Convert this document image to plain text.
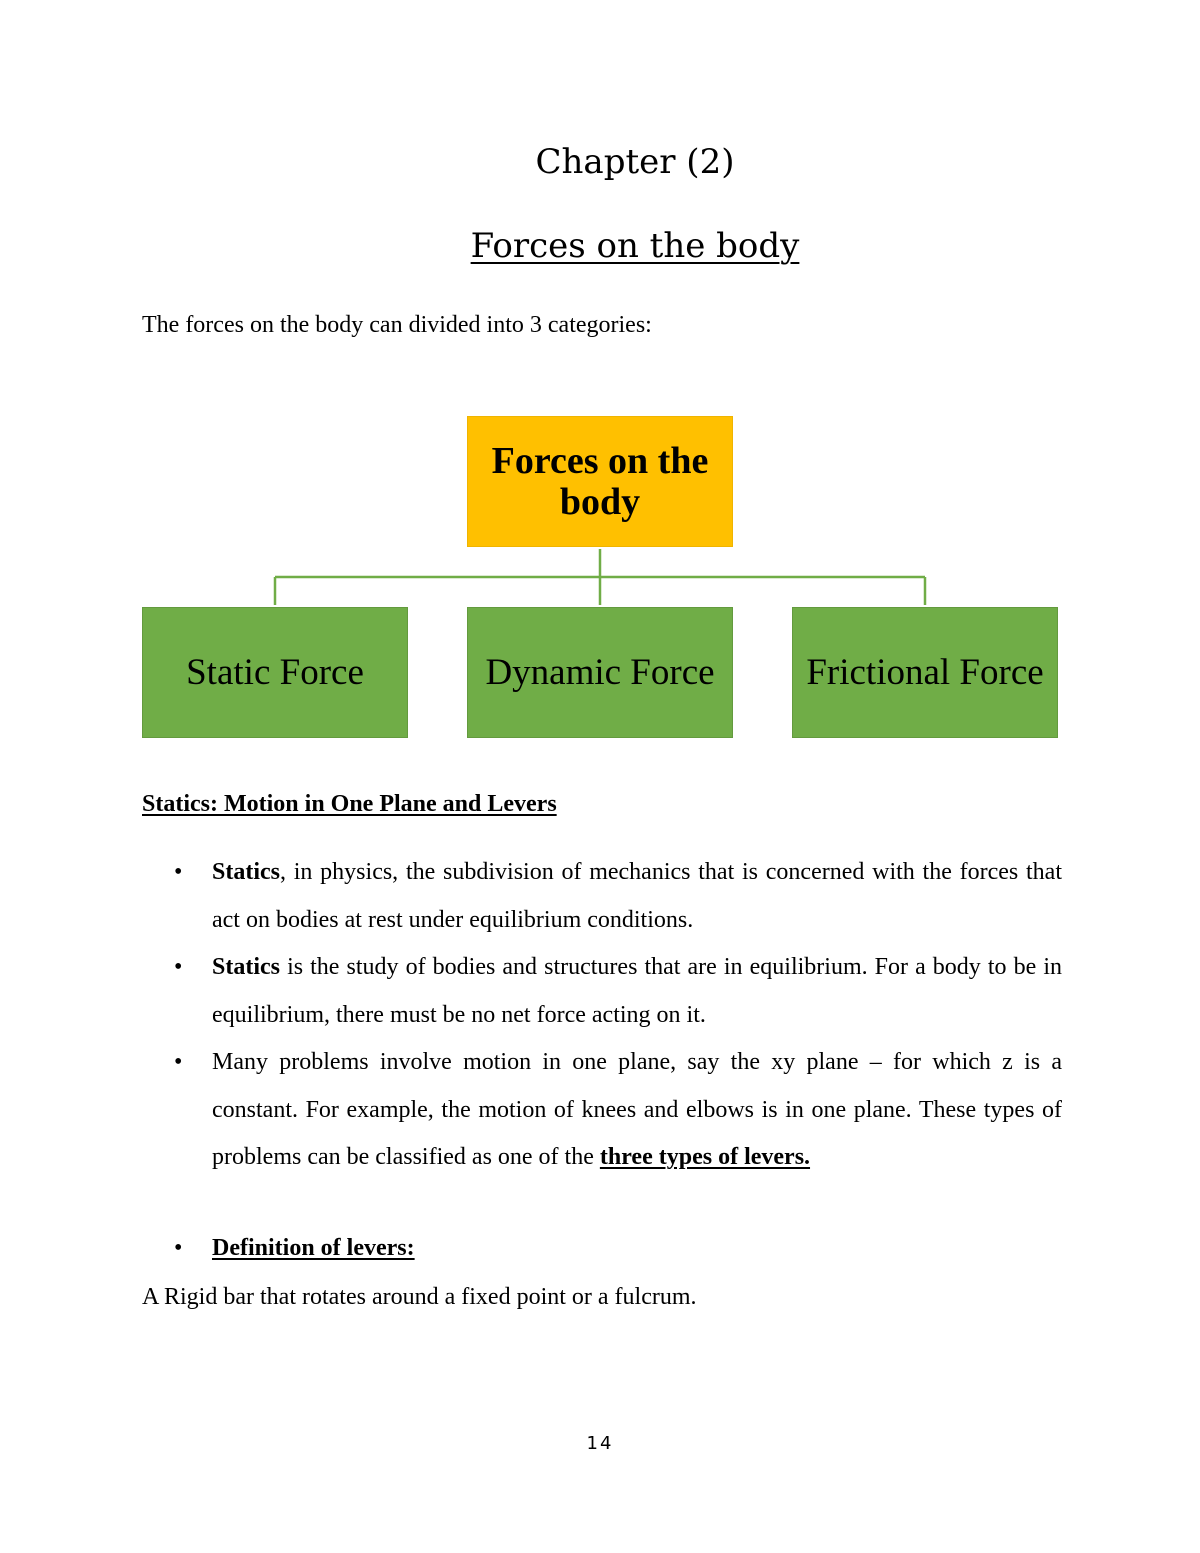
Chapter (2)
Forces on the body
The forces on the body can divided into 3 categories:
Forces on the body
Static Force	Dynamic Force Frictional Force
Statics: Motion in One Plane and Levers
• Statics, in physics, the subdivision of mechanics that is concerned with the forces that act on bodies at rest under equilibrium conditions.
• Statics is the study of bodies and structures that are in equilibrium. For a body to be in equilibrium, there must be no net force acting on it.
• Many problems involve motion in one plane, say the xy plane – for which z is a constant. For example, the motion of knees and elbows is in one plane. These types of problems can be classified as one of the three types of levers.
• Definition of levers:
A Rigid bar that rotates around a fixed point or a fulcrum.
14
